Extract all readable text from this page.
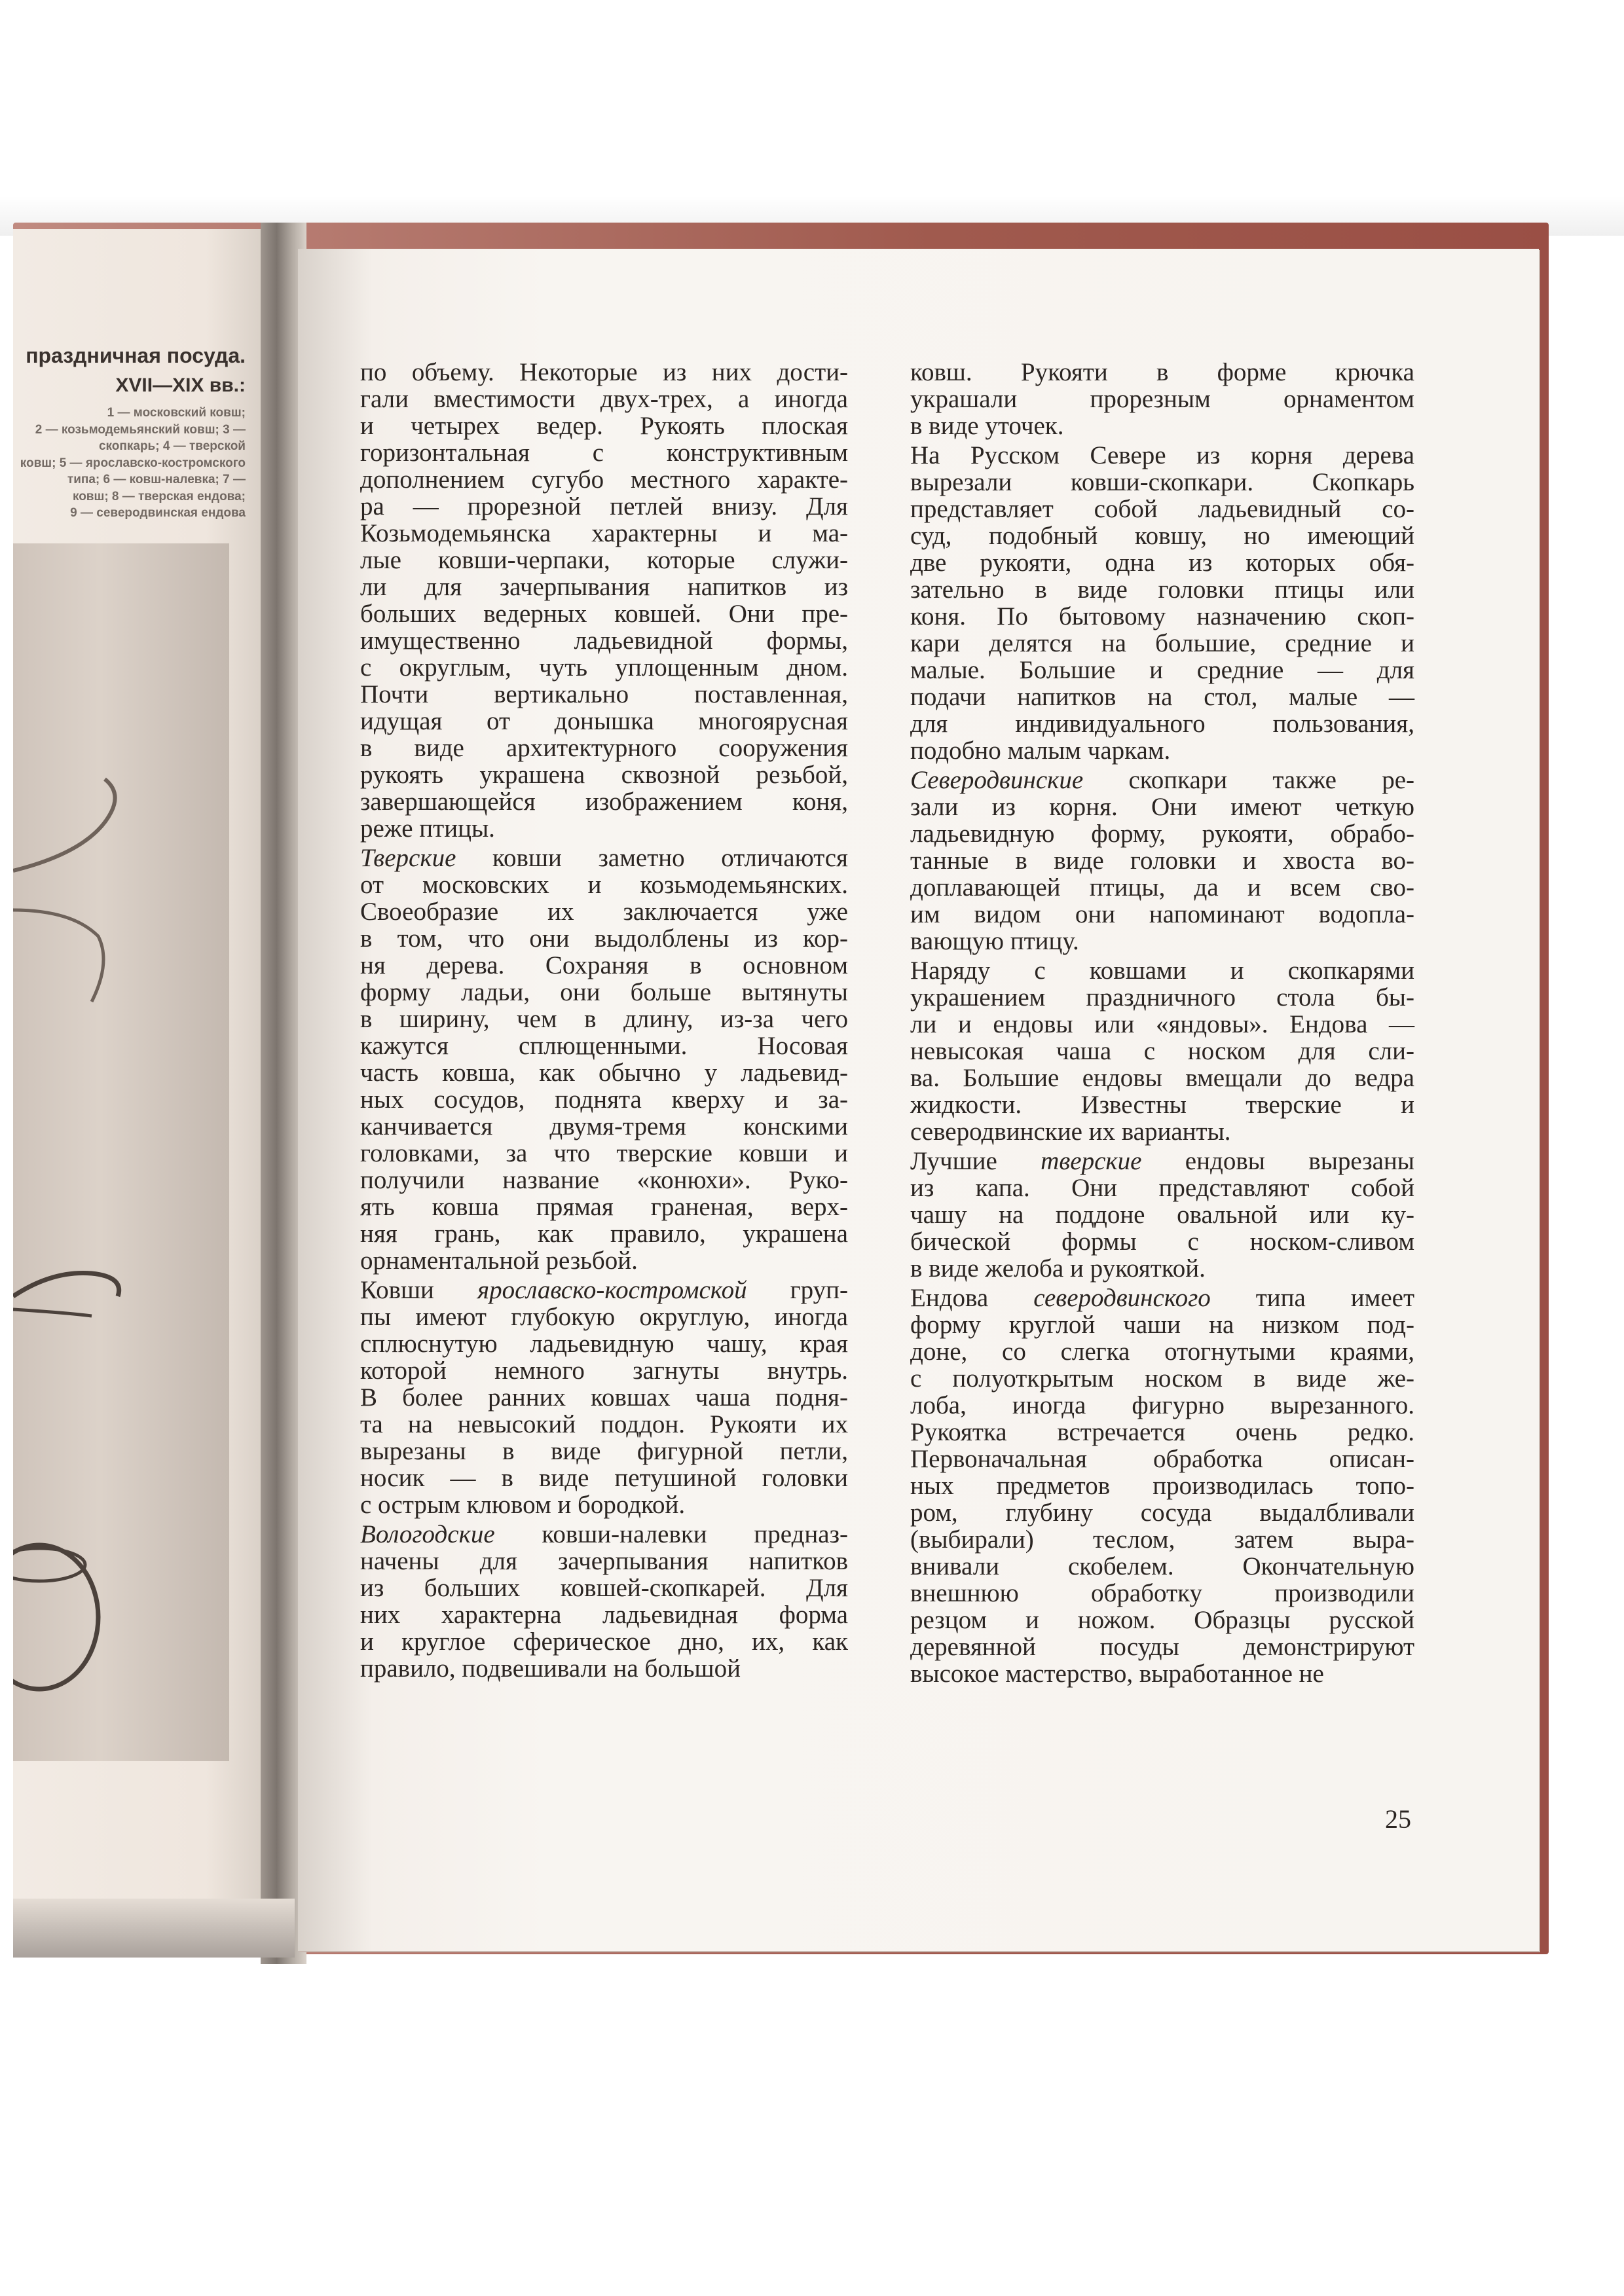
праздничная посуда.
XVII—XIX вв.:
1 — московский ковш;
2 — козьмодемьянский ковш; 3 —
скопкарь; 4 — тверской
ковш; 5 — ярославско-костромского
типа; 6 — ковш-налевка; 7 —
ковш; 8 — тверская ендова;
9 — северодвинская ендова

по объему. Некоторые из них дости-
гали вместимости двух-трех, а иногда
и четырех ведер. Рукоять плоская
горизонтальная с конструктивным
дополнением сугубо местного характе-
ра — прорезной петлей внизу. Для
Козьмодемьянска характерны и ма-
лые ковши-черпаки, которые служи-
ли для зачерпывания напитков из
больших ведерных ковшей. Они пре-
имущественно ладьевидной формы,
с округлым, чуть уплощенным дном.
Почти вертикально поставленная,
идущая от донышка многоярусная
в виде архитектурного сооружения
рукоять украшена сквозной резьбой,
завершающейся изображением коня,
реже птицы.

Тверские ковши заметно отличаются
от московских и козьмодемьянских.
Своеобразие их заключается уже
в том, что они выдолблены из кор-
ня дерева. Сохраняя в основном
форму ладьи, они больше вытянуты
в ширину, чем в длину, из-за чего
кажутся сплющенными. Носовая
часть ковша, как обычно у ладьевид-
ных сосудов, поднята кверху и за-
канчивается двумя-тремя конскими
головками, за что тверские ковши и
получили название «конюхи». Руко-
ять ковша прямая граненая, верх-
няя грань, как правило, украшена
орнаментальной резьбой.

Ковши ярославско-костромской груп-
пы имеют глубокую округлую, иногда
сплюснутую ладьевидную чашу, края
которой немного загнуты внутрь.
В более ранних ковшах чаша подня-
та на невысокий поддон. Рукояти их
вырезаны в виде фигурной петли,
носик — в виде петушиной головки
с острым клювом и бородкой.

Вологодские ковши-налевки предназ-
начены для зачерпывания напитков
из больших ковшей-скопкарей. Для
них характерна ладьевидная форма
и круглое сферическое дно, их, как
правило, подвешивали на большой

ковш. Рукояти в форме крючка
украшали прорезным орнаментом
в виде уточек.

На Русском Севере из корня дерева
вырезали ковши-скопкари. Скопкарь
представляет собой ладьевидный со-
суд, подобный ковшу, но имеющий
две рукояти, одна из которых обя-
зательно в виде головки птицы или
коня. По бытовому назначению скоп-
кари делятся на большие, средние и
малые. Большие и средние — для
подачи напитков на стол, малые —
для индивидуального пользования,
подобно малым чаркам.

Северодвинские скопкари также ре-
зали из корня. Они имеют четкую
ладьевидную форму, рукояти, обрабо-
танные в виде головки и хвоста во-
доплавающей птицы, да и всем сво-
им видом они напоминают водопла-
вающую птицу.

Наряду с ковшами и скопкарями
украшением праздничного стола бы-
ли и ендовы или «яндовы». Ендова —
невысокая чаша с носком для сли-
ва. Большие ендовы вмещали до ведра
жидкости. Известны тверские и
северодвинские их варианты.

Лучшие тверские ендовы вырезаны
из капа. Они представляют собой
чашу на поддоне овальной или ку-
бической формы с носком-сливом
в виде желоба и рукояткой.

Ендова северодвинского типа имеет
форму круглой чаши на низком под-
доне, со слегка отогнутыми краями,
с полуоткрытым носком в виде же-
лоба, иногда фигурно вырезанного.
Рукоятка встречается очень редко.
Первоначальная обработка описан-
ных предметов производилась топо-
ром, глубину сосуда выдалбливали
(выбирали) теслом, затем выра-
внивали скобелем. Окончательную
внешнюю обработку производили
резцом и ножом. Образцы русской
деревянной посуды демонстрируют
высокое мастерство, выработанное не

25
